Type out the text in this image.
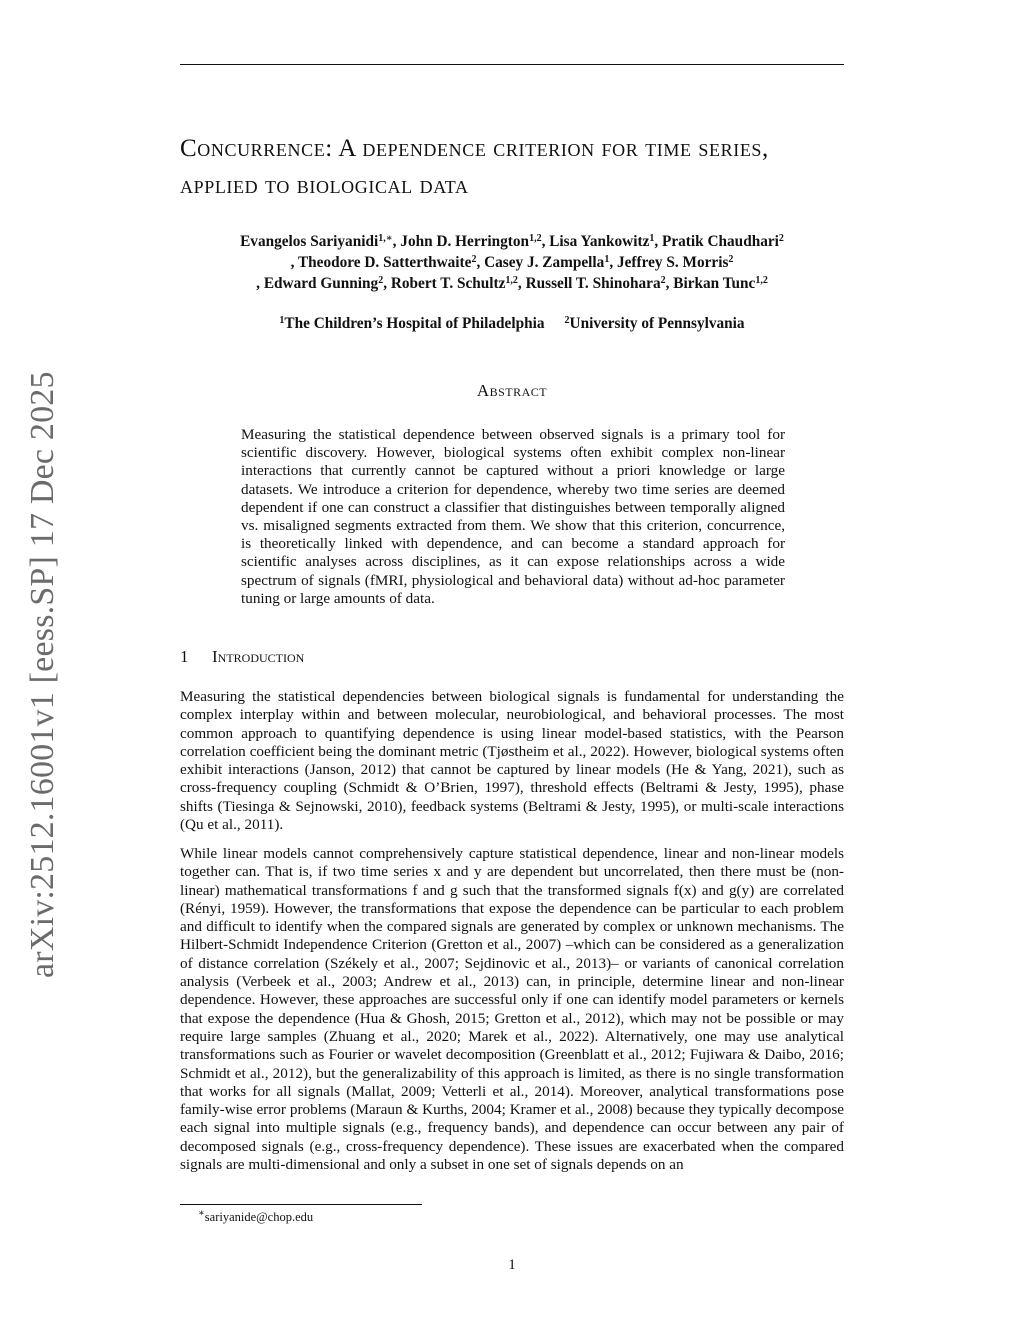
arXiv:2512.16001v1 [eess.SP] 17 Dec 2025
Concurrence: A dependence criterion for time series, applied to biological data
Evangelos Sariyanidi$^{1,∗}$, John D. Herrington$^{1,2}$, Lisa Yankowitz$^1$, Pratik Chaudhari$^2$
, Theodore D. Satterthwaite$^2$, Casey J. Zampella$^1$, Jeffrey S. Morris$^2$
, Edward Gunning$^2$, Robert T. Schultz$^{1,2}$, Russell T. Shinohara$^2$, Birkan Tunc$^{1,2}$
$^1$The Children’s Hospital of Philadelphia $^2$University of Pennsylvania
Abstract

Measuring the statistical dependence between observed signals is a primary tool for scientific discovery. However, biological systems often exhibit complex non-linear interactions that currently cannot be captured without a priori knowledge or large datasets. We introduce a criterion for dependence, whereby two time series are deemed dependent if one can construct a classifier that distinguishes between temporally aligned vs. misaligned segments extracted from them. We show that this criterion, concurrence, is theoretically linked with dependence, and can become a standard approach for scientific analyses across disciplines, as it can expose relationships across a wide spectrum of signals (fMRI, physiological and behavioral data) without ad-hoc parameter tuning or large amounts of data.

1 Introduction

Measuring the statistical dependencies between biological signals is fundamental for understanding the complex interplay within and between molecular, neurobiological, and behavioral processes. The most common approach to quantifying dependence is using linear model-based statistics, with the Pearson correlation coefficient being the dominant metric (Tjøstheim et al., 2022). However, biological systems often exhibit interactions (Janson, 2012) that cannot be captured by linear models (He & Yang, 2021), such as cross-frequency coupling (Schmidt & O’Brien, 1997), threshold effects (Beltrami & Jesty, 1995), phase shifts (Tiesinga & Sejnowski, 2010), feedback systems (Beltrami & Jesty, 1995), or multi-scale interactions (Qu et al., 2011).

While linear models cannot comprehensively capture statistical dependence, linear and non-linear models together can. That is, if two time series x and y are dependent but uncorrelated, then there must be (non-linear) mathematical transformations f and g such that the transformed signals f(x) and g(y) are correlated (Rényi, 1959). However, the transformations that expose the dependence can be particular to each problem and difficult to identify when the compared signals are generated by complex or unknown mechanisms. The Hilbert-Schmidt Independence Criterion (Gretton et al., 2007) –which can be considered as a generalization of distance correlation (Székely et al., 2007; Sejdinovic et al., 2013)– or variants of canonical correlation analysis (Verbeek et al., 2003; Andrew et al., 2013) can, in principle, determine linear and non-linear dependence. However, these approaches are successful only if one can identify model parameters or kernels that expose the dependence (Hua & Ghosh, 2015; Gretton et al., 2012), which may not be possible or may require large samples (Zhuang et al., 2020; Marek et al., 2022). Alternatively, one may use analytical transformations such as Fourier or wavelet decomposition (Greenblatt et al., 2012; Fujiwara & Daibo, 2016; Schmidt et al., 2012), but the generalizability of this approach is limited, as there is no single transformation that works for all signals (Mallat, 2009; Vetterli et al., 2014). Moreover, analytical transformations pose family-wise error problems (Maraun & Kurths, 2004; Kramer et al., 2008) because they typically decompose each signal into multiple signals (e.g., frequency bands), and dependence can occur between any pair of decomposed signals (e.g., cross-frequency dependence). These issues are exacerbated when the compared signals are multi-dimensional and only a subset in one set of signals depends on an

∗sariyanide@chop.edu
1
